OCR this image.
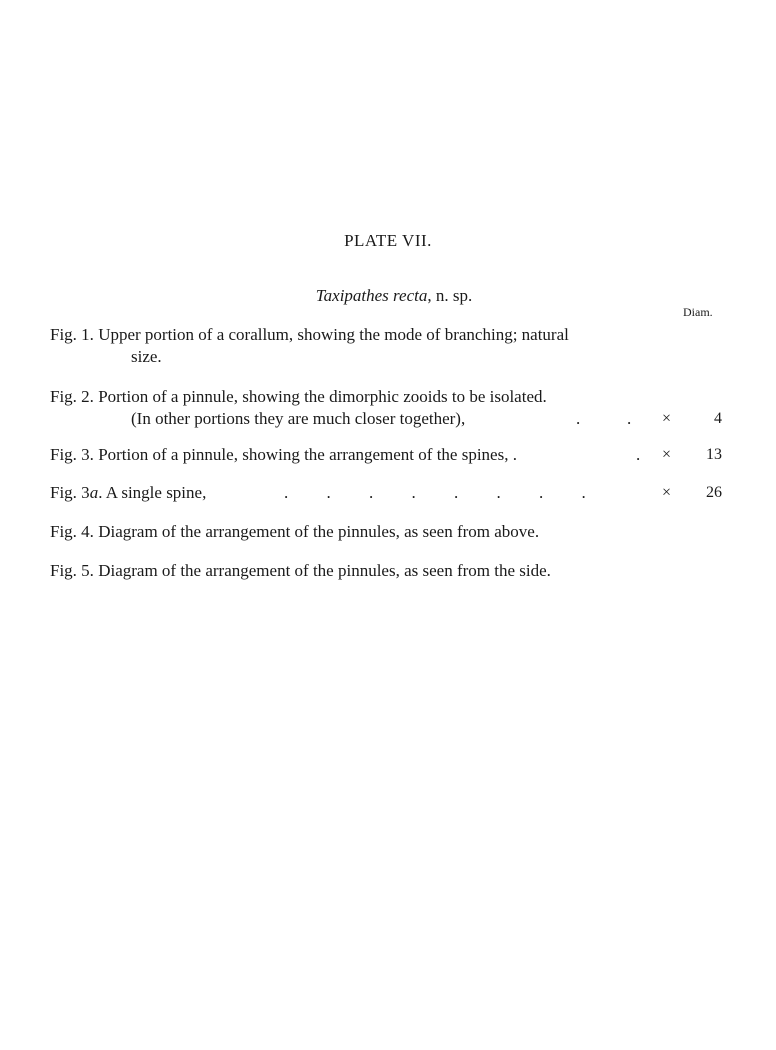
PLATE VII.
Taxipathes recta, n. sp.
Diam.
Fig. 1. Upper portion of a corallum, showing the mode of branching; natural
size.
Fig. 2. Portion of a pinnule, showing the dimorphic zooids to be isolated.
(In other portions they are much closer together),	.           . ×	4
Fig. 3. Portion of a pinnule, showing the arrangement of the spines, .	. ×	13
Fig. 3a. A single spine,	.         .         .         .         .         .         .         .	×	26
Fig. 4. Diagram of the arrangement of the pinnules, as seen from above.
Fig. 5. Diagram of the arrangement of the pinnules, as seen from the side.
